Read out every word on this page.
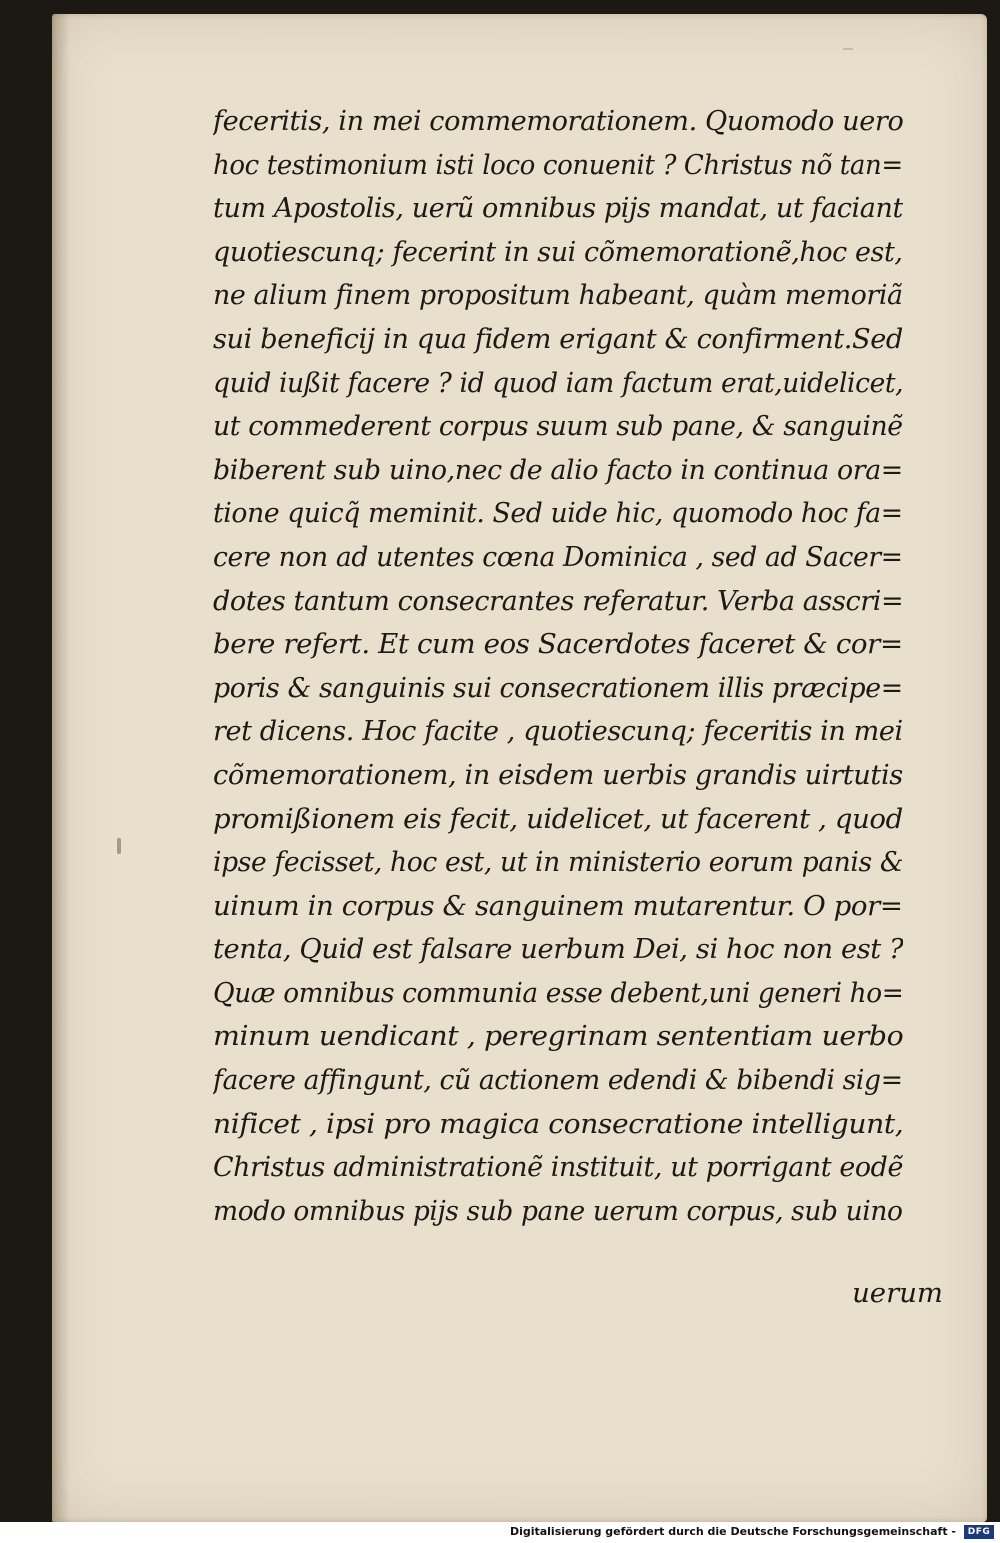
feceritis, in mei commemorationem. Quomodo uero
hoc testimonium isti loco conuenit ? Christus nõ tan=
tum Apostolis, uerũ omnibus pijs mandat, ut faciant
quotiescunq; fecerint in sui cõmemorationẽ,hoc est,
ne alium finem propositum habeant, quàm memoriã
sui beneficij in qua fidem erigant & confirment.Sed
quid iußit facere ? id quod iam factum erat,uidelicet,
ut commederent corpus suum sub pane, & sanguinẽ
biberent sub uino,nec de alio facto in continua ora=
tione quicq̃ meminit. Sed uide hic, quomodo hoc fa=
cere non ad utentes cœna Dominica , sed ad Sacer=
dotes tantum consecrantes referatur. Verba asscri=
bere refert. Et cum eos Sacerdotes faceret & cor=
poris & sanguinis sui consecrationem illis præcipe=
ret dicens. Hoc facite , quotiescunq; feceritis in mei
cõmemorationem, in eisdem uerbis grandis uirtutis
promißionem eis fecit, uidelicet, ut facerent , quod
ipse fecisset, hoc est, ut in ministerio eorum panis &
uinum in corpus & sanguinem mutarentur. O por=
tenta, Quid est falsare uerbum Dei, si hoc non est ?
Quæ omnibus communia esse debent,uni generi ho=
minum uendicant , peregrinam sententiam uerbo
facere affingunt, cũ actionem edendi & bibendi sig=
nificet , ipsi pro magica consecratione intelligunt,
Christus administrationẽ instituit, ut porrigant eodẽ
modo omnibus pijs sub pane uerum corpus, sub uino
uerum
Digitalisierung gefördert durch die Deutsche Forschungsgemeinschaft -	DFG
